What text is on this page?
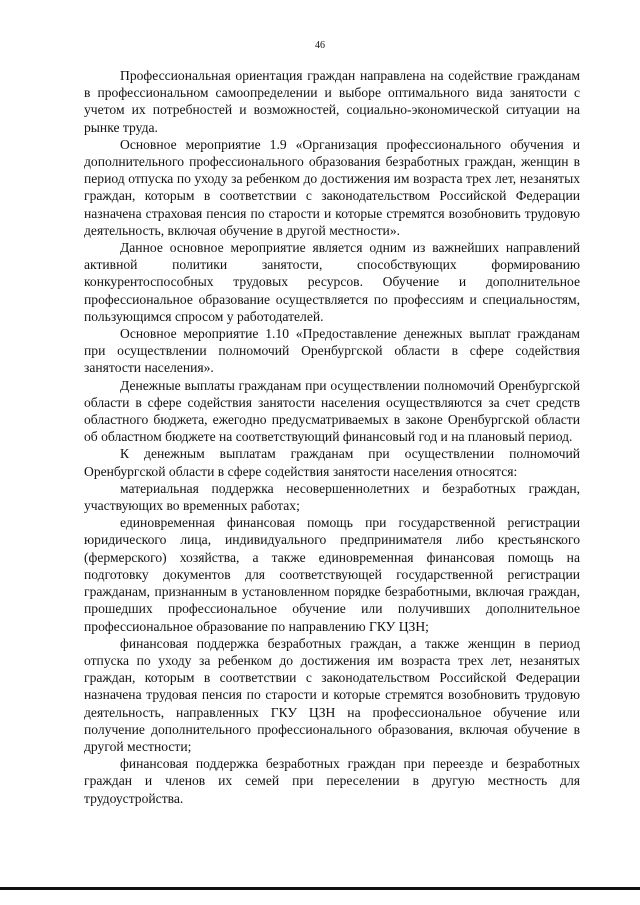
46

Профессиональная ориентация граждан направлена на содействие гражданам в профессиональном самоопределении и выборе оптимального вида занятости с учетом их потребностей и возможностей, социально-экономической ситуации на рынке труда.

Основное мероприятие 1.9 «Организация профессионального обучения и дополнительного профессионального образования безработных граждан, женщин в период отпуска по уходу за ребенком до достижения им возраста трех лет, незанятых граждан, которым в соответствии с законодательством Российской Федерации назначена страховая пенсия по старости и которые стремятся возобновить трудовую деятельность, включая обучение в другой местности».

Данное основное мероприятие является одним из важнейших направлений активной политики занятости, способствующих формированию конкурентоспособных трудовых ресурсов. Обучение и дополнительное профессиональное образование осуществляется по профессиям и специальностям, пользующимся спросом у работодателей.

Основное мероприятие 1.10 «Предоставление денежных выплат гражданам при осуществлении полномочий Оренбургской области в сфере содействия занятости населения».

Денежные выплаты гражданам при осуществлении полномочий Оренбургской области в сфере содействия занятости населения осуществляются за счет средств областного бюджета, ежегодно предусматриваемых в законе Оренбургской области об областном бюджете на соответствующий финансовый год и на плановый период.

К денежным выплатам гражданам при осуществлении полномочий Оренбургской области в сфере содействия занятости населения относятся:

материальная поддержка несовершеннолетних и безработных граждан, участвующих во временных работах;

единовременная финансовая помощь при государственной регистрации юридического лица, индивидуального предпринимателя либо крестьянского (фермерского) хозяйства, а также единовременная финансовая помощь на подготовку документов для соответствующей государственной регистрации гражданам, признанным в установленном порядке безработными, включая граждан, прошедших профессиональное обучение или получивших дополнительное профессиональное образование по направлению ГКУ ЦЗН;

финансовая поддержка безработных граждан, а также женщин в период отпуска по уходу за ребенком до достижения им возраста трех лет, незанятых граждан, которым в соответствии с законодательством Российской Федерации назначена трудовая пенсия по старости и которые стремятся возобновить трудовую деятельность, направленных ГКУ ЦЗН на профессиональное обучение или получение дополнительного профессионального образования, включая обучение в другой местности;

финансовая поддержка безработных граждан при переезде и безработных граждан и членов их семей при переселении в другую местность для трудоустройства.
